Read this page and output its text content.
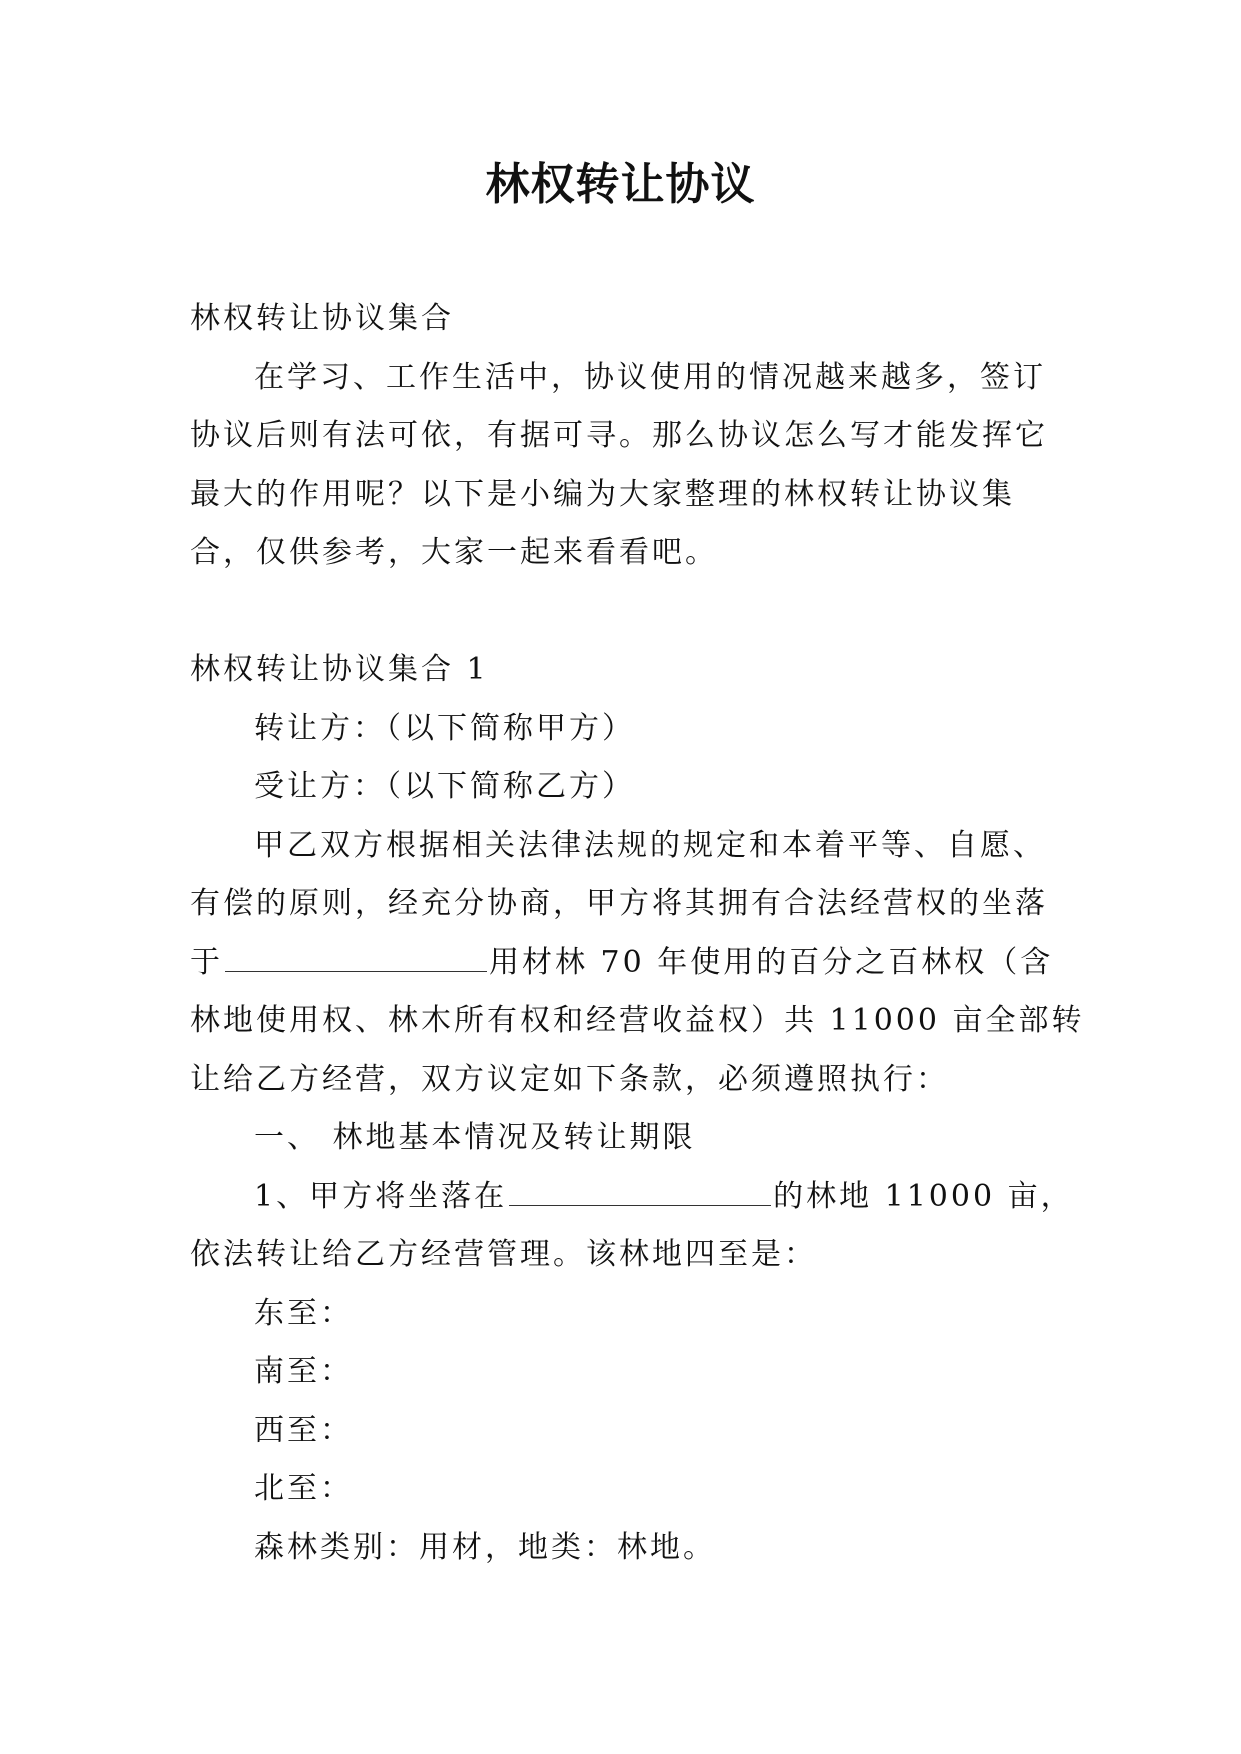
林权转让协议
林权转让协议集合
在学习、工作生活中，协议使用的情况越来越多，签订
协议后则有法可依，有据可寻。那么协议怎么写才能发挥它
最大的作用呢？以下是小编为大家整理的林权转让协议集
合，仅供参考，大家一起来看看吧。
林权转让协议集合 1
转让方：（以下简称甲方）
受让方：（以下简称乙方）
甲乙双方根据相关法律法规的规定和本着平等、自愿、
有偿的原则，经充分协商，甲方将其拥有合法经营权的坐落
于	用材林 70 年使用的百分之百林权（含
林地使用权、林木所有权和经营收益权）共 11000 亩全部转
让给乙方经营，双方议定如下条款，必须遵照执行：
一、 林地基本情况及转让期限
1、甲方将坐落在	的林地 11000 亩，
依法转让给乙方经营管理。该林地四至是：
东至：
南至：
西至：
北至：
森林类别：用材，地类：林地。
